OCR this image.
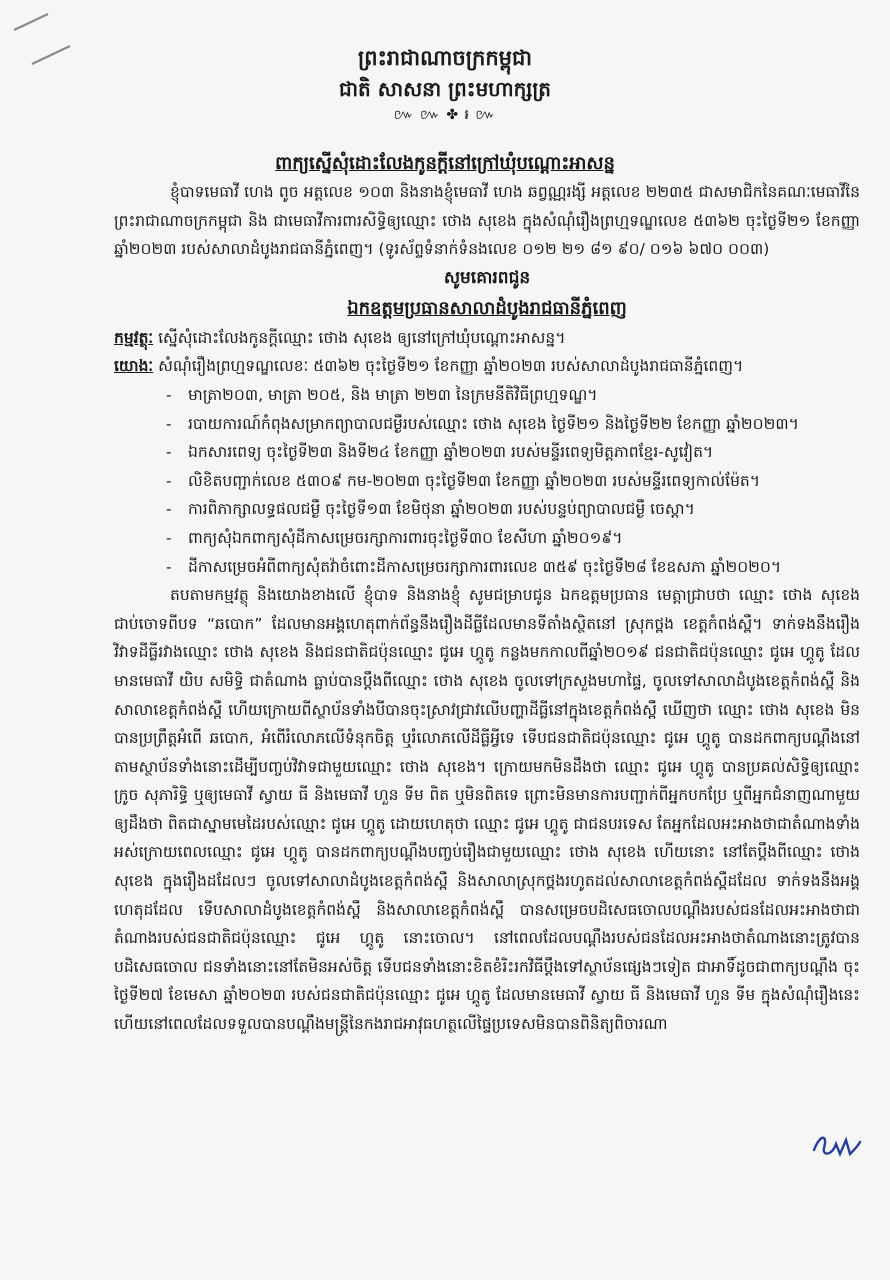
ព្រះរាជាណាចក្រកម្ពុជា
ជាតិ សាសនា ព្រះមហាក្សត្រ
៚ ៚ ✤ ៛ ៚
ពាក្យស្នើសុំដោះលែងកូនក្តីនៅក្រៅឃុំបណ្តោះអាសន្ន

ខ្ញុំបាទមេធាវី ហេង ពូច អត្តលេខ ១០៣ និងនាងខ្ញុំមេធាវី ហេង ឆព្វណ្ណរង្សី អត្តលេខ ២២៣៥ ជាសមាជិកនៃគណៈមេធាវីនៃព្រះរាជាណាចក្រកម្ពុជា និង ជាមេធាវីការពារសិទ្ធិឲ្យឈ្មោះ ថោង សុខេង ក្នុងសំណុំរឿងព្រហ្មទណ្ឌលេខ ៥៣៦២ ចុះថ្ងៃទី២១ ខែកញ្ញា ឆ្នាំ២០២៣ របស់សាលាដំបូងរាជធានីភ្នំពេញ។ (ទូរស័ព្ទទំនាក់ទំនងលេខ ០១២ ២១ ៨១ ៩០/ ០១៦ ៦៧០ ០០៣)

សូមគោរពជូន
ឯកឧត្តមប្រធានសាលាដំបូងរាជធានីភ្នំពេញ

កម្មវត្ថុៈ ស្នើសុំដោះលែងកូនក្តីឈ្មោះ ថោង សុខេង ឲ្យនៅក្រៅឃុំបណ្តោះអាសន្ន។

យោងៈ សំណុំរឿងព្រហ្មទណ្ឌលេខៈ ៥៣៦២ ចុះថ្ងៃទី២១ ខែកញ្ញា ឆ្នាំ២០២៣ របស់សាលាដំបូងរាជធានីភ្នំពេញ។

- មាត្រា២០៣, មាត្រា ២០៥, និង មាត្រា ២២៣ នៃក្រមនីតិវិធីព្រហ្មទណ្ឌ។
- របាយការណ៍កំពុងសម្រាកព្យាបាលជម្ងឺរបស់ឈ្មោះ ថោង សុខេង ថ្ងៃទី២១ និងថ្ងៃទី២២ ខែកញ្ញា ឆ្នាំ២០២៣។
- ឯកសារពេទ្យ ចុះថ្ងៃទី២៣ និងទី២៤ ខែកញ្ញា ឆ្នាំ២០២៣ របស់មន្ទីរពេទ្យមិត្តភាពខ្មែរ-សូវៀត។
- លិខិតបញ្ជាក់លេខ ៥៣០៩ កម-២០២៣ ចុះថ្ងៃទី២៣ ខែកញ្ញា ឆ្នាំ២០២៣ របស់មន្ទីរពេទ្យកាល់ម៉ែត។
- ការពិភាក្សាលទ្ធផលជម្ងឺ ចុះថ្ងៃទី១៣ ខែមិថុនា ឆ្នាំ២០២៣ របស់បន្ទប់ព្យាបាលជម្ងឺ ចេស្តា។
- ពាក្យសុំឯកពាក្យសុំដីកាសម្រេចរក្សាការពារចុះថ្ងៃទី៣០ ខែសីហា ឆ្នាំ២០១៩។
- ដីកាសម្រេចអំពីពាក្យសុំតវ៉ាចំពោះដីកាសម្រេចរក្សាការពារលេខ ៣៥៩ ចុះថ្ងៃទី២៨ ខែឧសភា ឆ្នាំ២០២០។

តបតាមកម្មវត្ថុ និងយោងខាងលើ ខ្ញុំបាទ និងនាងខ្ញុំ សូមជម្រាបជូន ឯកឧត្តមប្រធាន មេត្តាជ្រាបថា ឈ្មោះ ថោង សុខេង ជាប់ចោទពីបទ “ឆបោក” ដែលមានអង្គហេតុពាក់ព័ន្ធនឹងរឿងដីធ្លីដែលមានទីតាំងស្ថិតនៅ ស្រុកថ្ពង ខេត្តកំពង់ស្ពឺ។ ទាក់ទងនឹងរឿងវិវាទដីធ្លីរវាងឈ្មោះ ថោង សុខេង និងជនជាតិជប៉ុនឈ្មោះ ជូអេ ហ្គូតូ កន្លងមកកាលពីឆ្នាំ២០១៩ ជនជាតិជប៉ុនឈ្មោះ ជូអេ ហ្គូតូ ដែលមានមេធាវី យិប សមិទ្ធិ ជាតំណាង ធ្លាប់បានប្តឹងពីឈ្មោះ ថោង សុខេង ចូលទៅក្រសួងមហាផ្ទៃ, ចូលទៅសាលាដំបូងខេត្តកំពង់ស្ពឺ និងសាលាខេត្តកំពង់ស្ពឺ ហើយក្រោយពីស្ថាប័នទាំងបីបានចុះស្រាវជ្រាវលើបញ្ហាដីធ្លីនៅក្នុងខេត្តកំពង់ស្ពឺ ឃើញថា ឈ្មោះ ថោង សុខេង មិនបានប្រព្រឹត្តអំពើ ឆបោក, អំពើរំលោភលើទំនុកចិត្ត ឬរំលោភលើដីធ្លីអ្វីទេ ទើបជនជាតិជប៉ុនឈ្មោះ ជូអេ ហ្គូតូ បានដកពាក្យបណ្តឹងនៅតាមស្ថាប័នទាំងនោះដើម្បីបញ្ចប់វិវាទជាមួយឈ្មោះ ថោង សុខេង។ ក្រោយមកមិនដឹងថា ឈ្មោះ ជូអេ ហ្គូតូ បានប្រគល់សិទ្ធិឲ្យឈ្មោះ ក្រូច សុភារិទ្ធិ ឬឲ្យមេធាវី ស្វាយ ធី និងមេធាវី ហួន ទីម ពិត ឬមិនពិតទេ ព្រោះមិនមានការបញ្ជាក់ពីអ្នកបកប្រែ ឬពីអ្នកជំនាញណាមួយឲ្យដឹងថា ពិតជាស្នាមមេដៃរបស់ឈ្មោះ ជូអេ ហ្គូតូ ដោយហេតុថា ឈ្មោះ ជូអេ ហ្គូតូ ជាជនបរទេស តែអ្នកដែលអះអាងថាជាតំណាងទាំងអស់ក្រោយពេលឈ្មោះ ជូអេ ហ្គូតូ បានដកពាក្យបណ្តឹងបញ្ចប់រឿងជាមួយឈ្មោះ ថោង សុខេង ហើយនោះ នៅតែប្តឹងពីឈ្មោះ ថោង សុខេង ក្នុងរឿងដដែលៗ ចូលទៅសាលាដំបូងខេត្តកំពង់ស្ពឺ និងសាលាស្រុកថ្ពងរហូតដល់សាលាខេត្តកំពង់ស្ពឺដដែល ទាក់ទងនឹងអង្គហេតុដដែល ទើបសាលាដំបូងខេត្តកំពង់ស្ពឺ និងសាលាខេត្តកំពង់ស្ពឺ បានសម្រេចបដិសេធចោលបណ្តឹងរបស់ជនដែលអះអាងថាជាតំណាងរបស់ជនជាតិជប៉ុនឈ្មោះ ជូអេ ហ្គូតូ នោះចោល។ នៅពេលដែលបណ្តឹងរបស់ជនដែលអះអាងថាតំណាងនោះត្រូវបានបដិសេធចោល ជនទាំងនោះនៅតែមិនអស់ចិត្ត ទើបជនទាំងនោះខិតខំរិះរកវិធីប្តឹងទៅស្ថាប័នផ្សេងៗទៀត ជាអាទិ៍ដូចជាពាក្យបណ្តឹង ចុះថ្ងៃទី២៧ ខែមេសា ឆ្នាំ២០២៣ របស់ជនជាតិជប៉ុនឈ្មោះ ជូអេ ហ្គូតូ ដែលមានមេធាវី ស្វាយ ធី និងមេធាវី ហួន ទីម ក្នុងសំណុំរឿងនេះ ហើយនៅពេលដែលទទួលបានបណ្តឹងមន្ត្រីនៃកងរាជអាវុធហត្ថលើផ្ទៃប្រទេសមិនបានពិនិត្យពិចារណា
